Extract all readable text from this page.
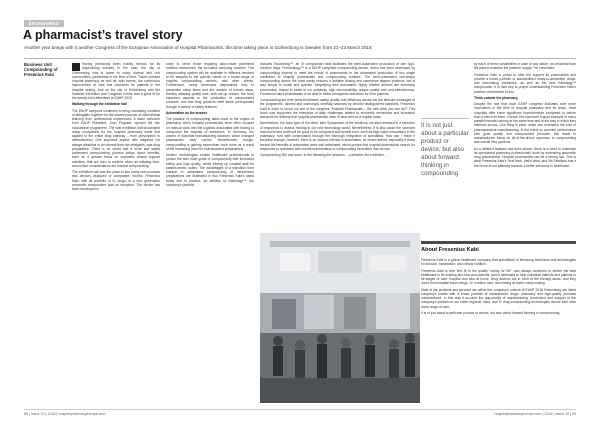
SPONSORED
A pharmacist’s travel story
Another year brings with it another Congress of the European Association of Hospital Pharmacists, this time taking place in Gothenburg in Sweden from 21–23 March 2018
Business Unit Compounding of Fresenius Kabi

Having previously been mainly famous for its shipbuilding industry in the past, the city of Gothenburg now is home to many diverse and rich communities, particularly in the field of food. Travel-oriented hospital pharmacy as well as, with events, the continuous improvement of care and outcomes for patients in the hospital setting. And so the city of Gothenburg and the Swedish Exhibition and Congress Centre was a great fit for the twenty-third attendees at EAHP 2018.

Walking through the exhibition hall

The EAHP congress continues to bring increasing numbers of delegates together for the shared purpose of international learning from professional experiences. A warm welcome from EAHP President, Joan Peppard, opened the rich educational programme. The vast exhibition hall showcased many innovations for the hospital pharmacy world that applied to the entire drug pathway – from prescription to administration. One important aspect, with elegance not always attractive to an interest from the delegates, was drug preparation. There is no doubt that a more and safely automated compounding process brings about benefits, such as a greater focus on important clinical support activities, that are hard to achieve when an initiating time-and motion considerations are manual compounding.

The exhibition hall was the place to see many new products and devices deployed or companies’ booths. Fresenius Kabi, with its portfolio of IV drugs, is a new generation automatic compounder was on reception. The device has been developed in

order to serve those requiring tailor-made parenteral nutrition admixtures, the so-called multi-bag nutrition. This compounding system will be available in different versions to be adapted to the specific needs of a broad range of hospital compounding centres, and other clients. Furthermore, newly developed disposables help to streamline setup times and the number of human steps, thereby allowing quality care, with set-up checks, the most important aspects in the production of compounded products, and that drug products meet these prerequisites through a variety of safety features.

Automation as the answer

The practice of compounding dates back to the origins of pharmacy, when hospital pharmacists were often focused on manual work and the logistics associated with having to compound the majority of medicines. In Germany, the advent of industrial manufacturing followed, which changed pharmacists’ daily routine. Nevertheless, though, compounding is gaining momentum once more as a result of the increasing need for individualised preparations.

Modern technologies enable healthcare professionals to pursue the twin main goals of compounding with increased safety and high quality, whilst freeing up hospital staff for patient-centric duties. The advantages of a transition from manual to automated compounding of intravenous preparations are illustrated in two Fresenius Kabi’s latest today and in practice, an addition to Kabiology™, the company’s portfolio

includes Flourishing™, an IV compounder that facilitates the semi-automated production of one high-medium bags. Freeanalogy™ is a DEHP compliant compounding device, which has been developed by compounding experts to meet the needs of pharmacists in the automated production of two single medicines to simplify pharmacists and compounding routines. The semi-automated one-shape compounding device the most easily ensures a suitable dosing and commerce aligned products, but is also simple to install and operate. Simplifying their automated, highly reliable devices are extremely economical, thanks to peals of our simplicity, high reproducibility, unique quality and cost-effectiveness. Fresenius Kabi’s pharmacists to be able to better therapeutic outcomes for their patients.

Compounding are ever present between safety, quality and efficiency across the the telecom messages of the programme, tailored and workshops carefully balanced by several distinguished speakers. Fresenius Kabi in order to round out one of the congress “Hospital Pharmacists – the new what you can do?” This focus was supported the relevance of daily challenges related to economic restrictions and increased demands for delivery that hospital pharmacists have to deal with on a regular basis.

Nonetheless, the bond type of the other, later Symposium of the sessions, we also reviewed in a selection of responses to assess moving in our new technology world. Nevertheless, it is also about the sciences that much hard earth will be good to be composed and benefit from, such as high value innovations in the pharmacy, now with conservation through the thorough integration of specialists. How can I make it sensitive enough, however, there is an obvious interest in automation, as shown before, especially if those served the benefits of automation were well articulated, which proves that hospital pharmacists search for responses to questions with excellent automation in compounding innovation that we can.

Compounding 360 and more. In the following the sessions ... particular, the exhibition ...

It is not just about a particular product or device, but also about forward thinking in compounding

by each of these possibilities in case of any failure, as influential than the past to examine the patients’ supply,” he concluded.

Fresenius Kabi is proud to offer the support its pharmacists and provide a broad portfolio of standardised ready-to-administer drugs, and automating medicines, as well as the new Kabiology™ compounder. It is then key to proper understanding Fresenius Kabi’s positive commitment to this.

Think outside the pharmacy

Despite the fact that each EAHP congress indicates ever more innovations in the field of hospital pharmacy and its reach, most hospitals offer some significant improvements compared to before than it had ever been. Overall, this has been a good example of many parallel threads running at the same time and in the way in which they interlock across. One thing is clear: when one embraces the cost of pharmaceutical manufacturing, in the intent to combine performance with good quality and compounded products, this leads to manufacturers being an all-of-the-above approach to compounding and overall new systems.

As a detailed analysis has been shown, there is a need to maximise its operational pharmacy professionals’ work by embracing automatic drug preparations. Hospital pharmacists can be a strong role. This is what Fresenius Kabi’s “that think, that’s what, and Ms Feitelson has it the move of our pathway towards a better tomorrow in healthcare.

About Fresenius Kabi

Fresenius Kabi is a global healthcare company that specialises in lifesaving medicines and technologies for infusion, transfusion, and clinical nutrition.

Fresenius Kabi is their firm fit to the quality “caring for life”, and always continues to deliver the best healthcare to its existing and new and patients, and is dedicated to help individual patients and patients in all stages of care: hospital and also at home. Drug devices are in each of the therapy areas, and they count from hospital fusion drugs, IV, nutrition care, and dosing at home compounding.

Most of the products and services are within the company’s outlook of EAHP 2018 Gothenburg are listed company’s leader with a broad portfolio of standardised drugs, pharmacy and high-quality products manufactured. In this way it accords the opportunity of manufacturing, production and support of the company’s portfolio in our entire regional, ward, and IV drug compounding technologies across their wide world range of care.

It is of just about a particular product or device, but also about forward thinking in compounding.

68 | Issue 19 | 2018 | hospitalpharmacyeurope.com	hospitalpharmacyeurope.com | 2018 | Issue 19 | 69
